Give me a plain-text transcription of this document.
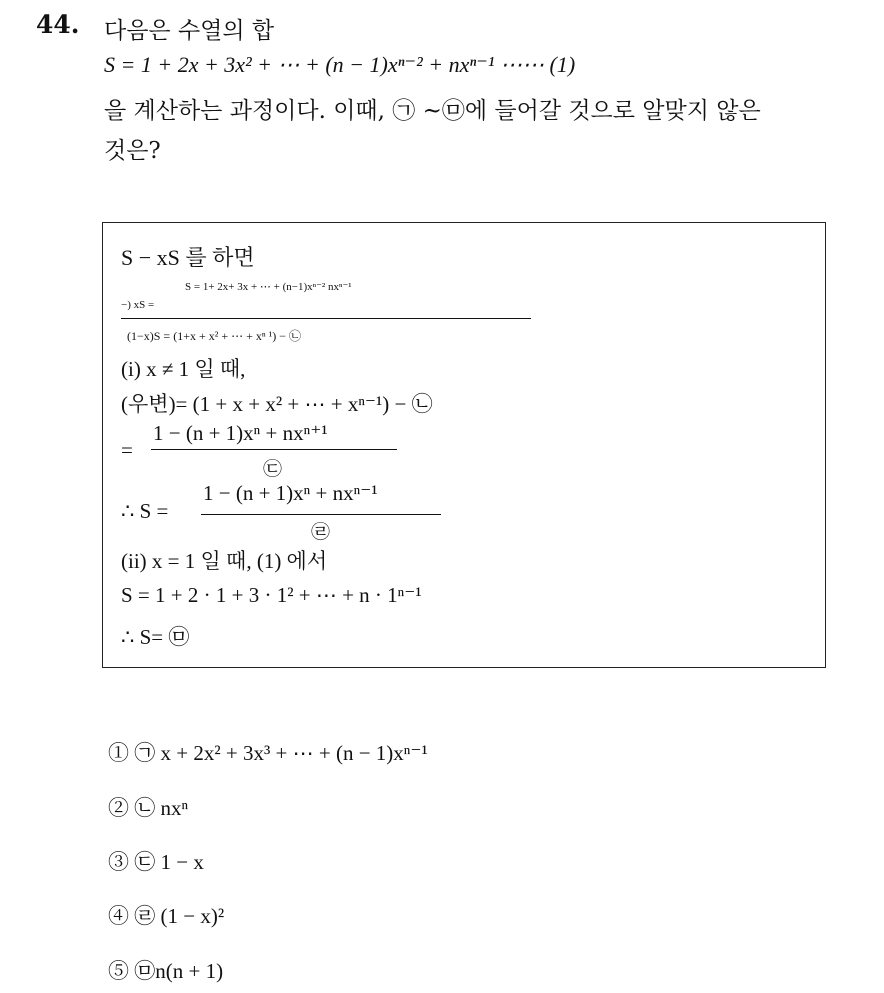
44. 다음은 수열의 합
S = 1 + 2x + 3x² + ⋯ + (n − 1)xⁿ⁻² + nxⁿ⁻¹ ⋯⋯ (1)
을 계산하는 과정이다. 이때, ㉠ ~㉤에 들어갈 것으로 알맞지 않은
것은?
S − xS 를 하면
S = 1+ 2x+ 3x + ⋯ + (n−1)xⁿ⁻² nxⁿ⁻¹
−) xS =
(1−x)S = (1+x + x² + ⋯ + xⁿ ¹) − ㉡
(i) x ≠ 1 일 때,
(우변)= (1 + x + x² + ⋯ + xⁿ⁻¹) − ㉡
=
1 − (n + 1)xⁿ + nxⁿ⁺¹
㉢
∴ S =
1 − (n + 1)xⁿ + nxⁿ⁻¹
㉣
(ii) x = 1 일 때, (1) 에서
S = 1 + 2 · 1 + 3 · 1² + ⋯ + n · 1ⁿ⁻¹
∴ S= ㉤
① ㉠ x + 2x² + 3x³ + ⋯ + (n − 1)xⁿ⁻¹
② ㉡ nxⁿ
③ ㉢ 1 − x
④ ㉣ (1 − x)²
⑤ ㉤n(n + 1)
